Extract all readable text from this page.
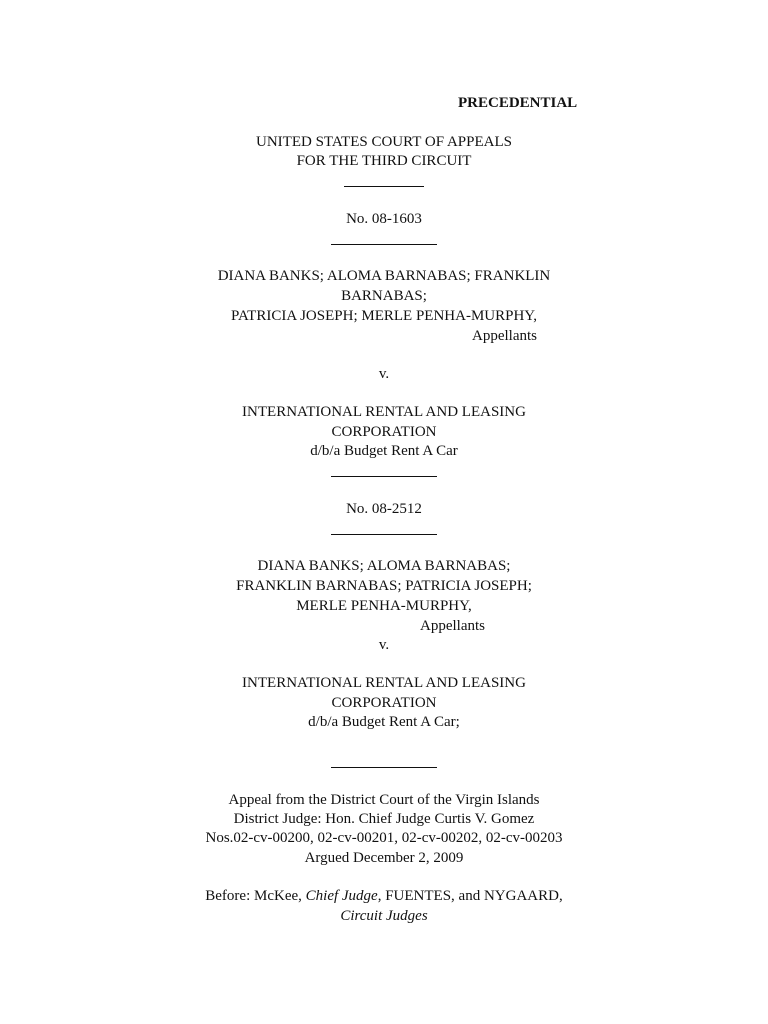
PRECEDENTIAL
UNITED STATES COURT OF APPEALS
FOR THE THIRD CIRCUIT
No. 08-1603
DIANA BANKS; ALOMA BARNABAS; FRANKLIN
BARNABAS;
PATRICIA JOSEPH; MERLE PENHA-MURPHY,
Appellants
v.
INTERNATIONAL RENTAL AND LEASING
CORPORATION
d/b/a Budget Rent A Car
No. 08-2512
DIANA BANKS; ALOMA BARNABAS;
FRANKLIN BARNABAS; PATRICIA JOSEPH;
MERLE PENHA-MURPHY,
Appellants
v.
INTERNATIONAL RENTAL AND LEASING
CORPORATION
d/b/a Budget Rent A Car;
Appeal from the District Court of the Virgin Islands
District Judge: Hon. Chief Judge Curtis V. Gomez
Nos.02-cv-00200, 02-cv-00201, 02-cv-00202, 02-cv-00203
Argued December 2, 2009
Before: McKee, Chief Judge, FUENTES, and NYGAARD,
Circuit Judges
